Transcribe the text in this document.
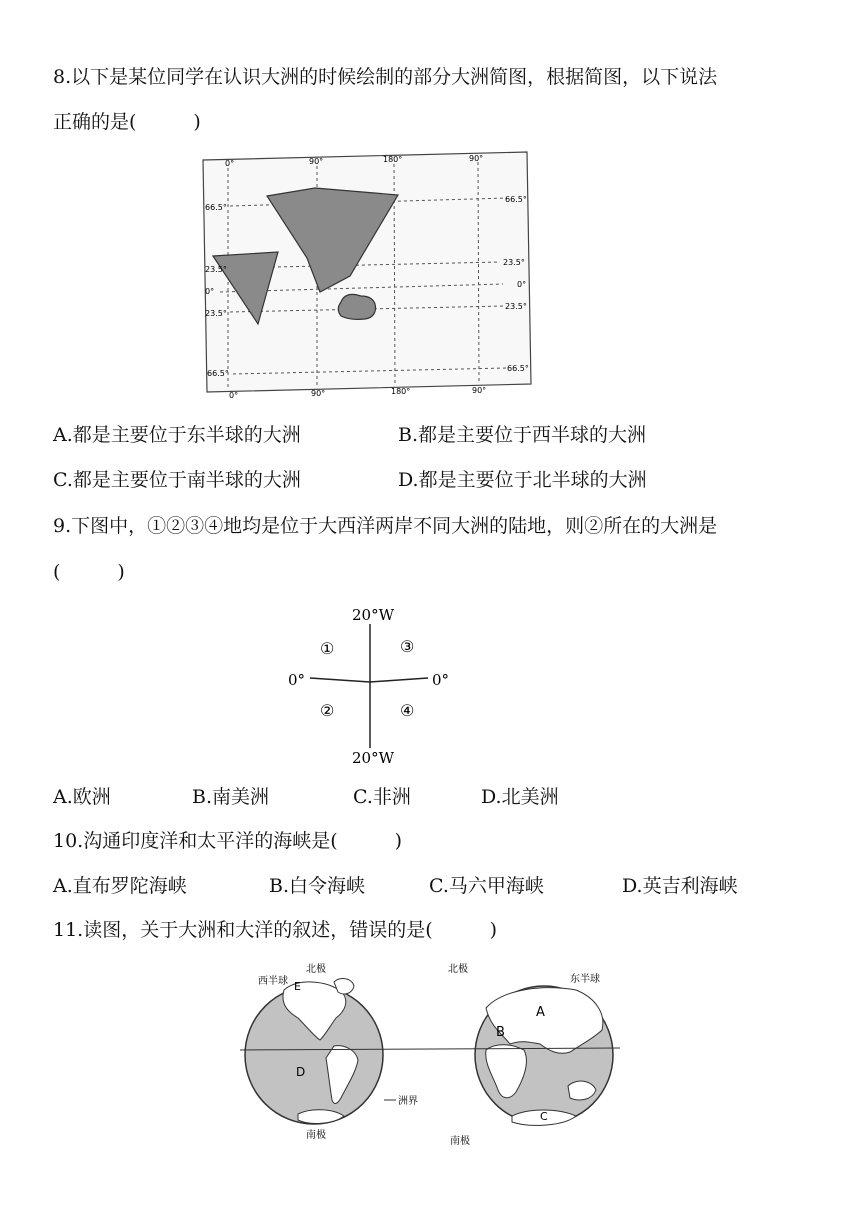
8.以下是某位同学在认识大洲的时候绘制的部分大洲简图，根据简图，以下说法
正确的是(　　　)
0°	90°	180°	90°
0°	90°	180°	90°
66.5°
23.5°
0°
23.5°
66.5°
66.5°
23.5°
0°
23.5°
66.5°
A.都是主要位于东半球的大洲	B.都是主要位于西半球的大洲
C.都是主要位于南半球的大洲	D.都是主要位于北半球的大洲
9.下图中，①②③④地均是位于大西洋两岸不同大洲的陆地，则②所在的大洲是
(　　　)
20°W
20°W
0°	0°
①	③
②	④
A.欧洲	B.南美洲	C.非洲	D.北美洲
10.沟通印度洋和太平洋的海峡是(　　　)
A.直布罗陀海峡	B.白令海峡	C.马六甲海峡	D.英吉利海峡
11.读图，关于大洲和大洋的叙述，错误的是(　　　)
西半球
北极	北极
东半球
南极
南极
A
B
C
D
E
洲界
